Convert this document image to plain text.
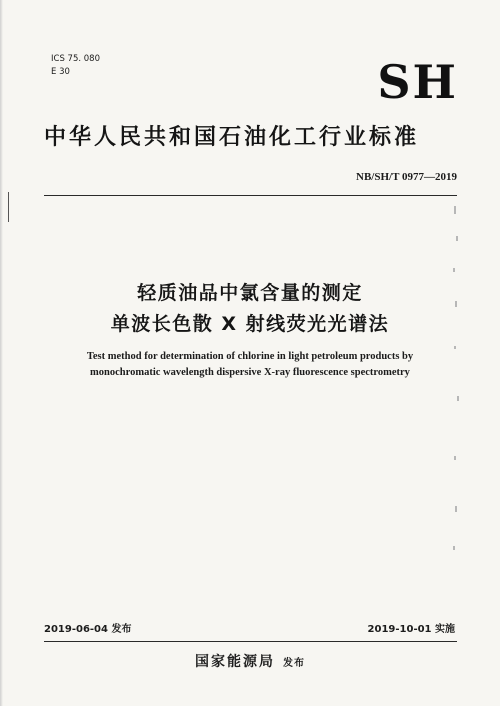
ICS 75. 080
E 30	SH
中华人民共和国石油化工行业标准
NB/SH/T 0977—2019
轻质油品中氯含量的测定
单波长色散 X 射线荧光光谱法
Test method for determination of chlorine in light petroleum products by
monochromatic wavelength dispersive X-ray fluorescence spectrometry
2019-06-04 发布	2019-10-01 实施
国家能源局 发布
